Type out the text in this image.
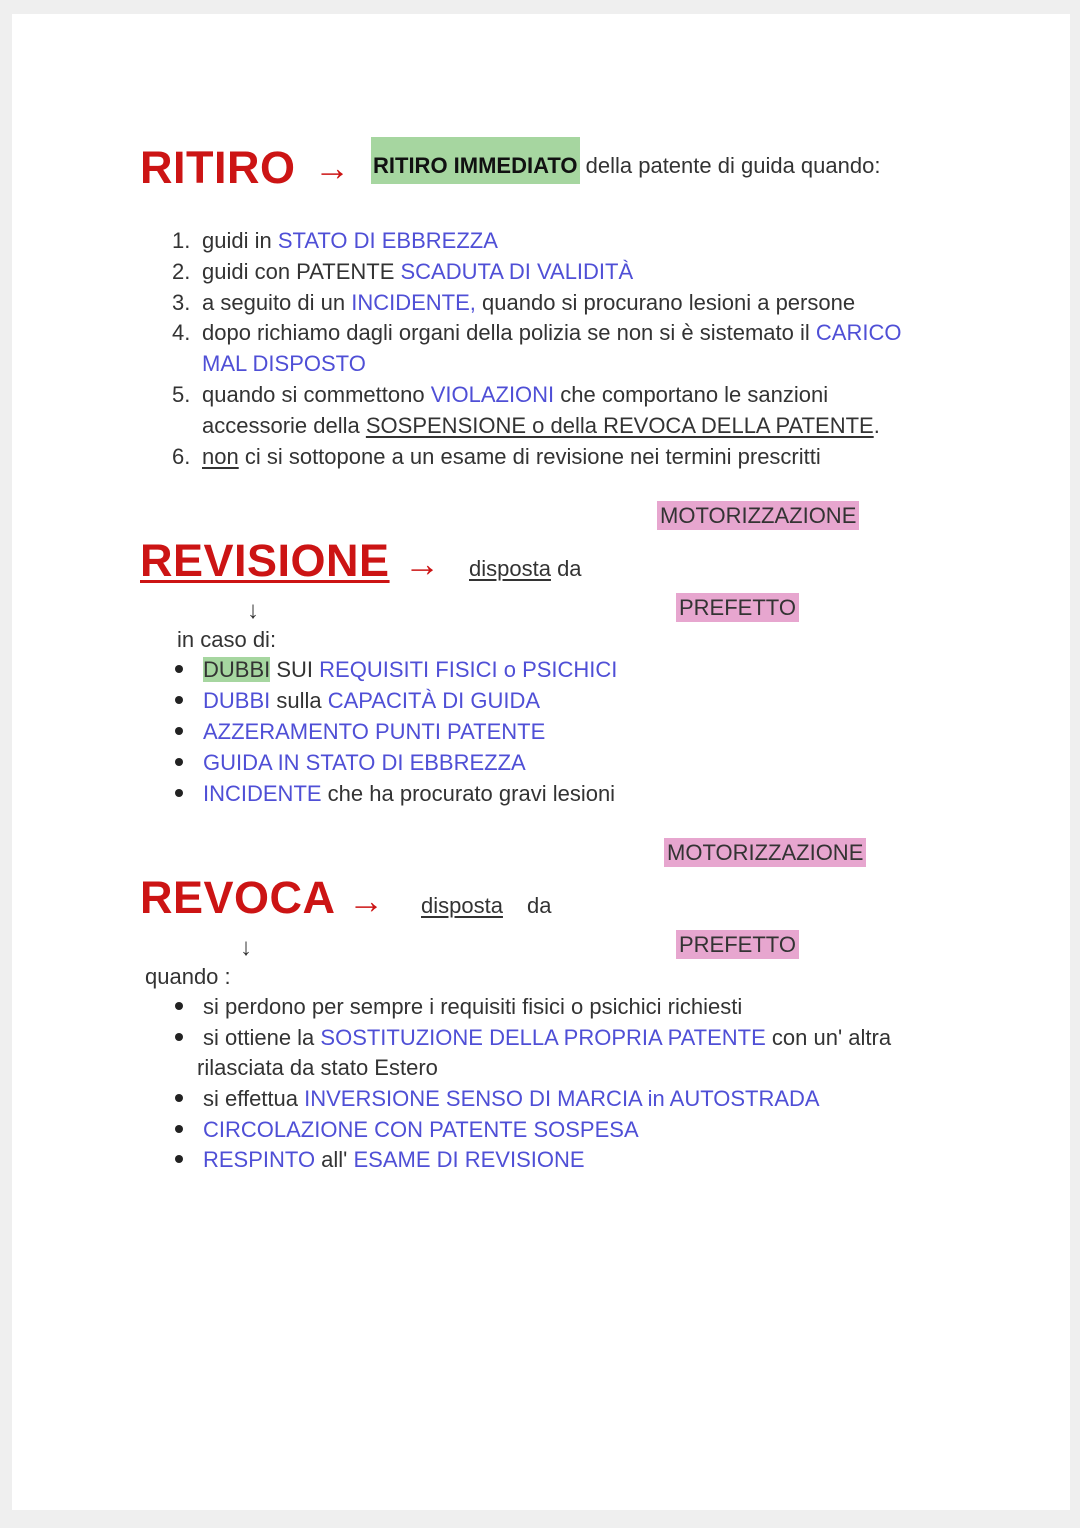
RITIRO → RITIRO IMMEDIATO della patente di guida quando:
1. guidi in STATO DI EBBREZZA
2. guidi con PATENTE SCADUTA DI VALIDITÀ
3. a seguito di un INCIDENTE, quando si procurano lesioni a persone
4. dopo richiamo dagli organi della polizia se non si è sistemato il CARICO
MAL DISPOSTO
5. quando si commettono VIOLAZIONI che comportano le sanzioni
accessorie della SOSPENSIONE o della REVOCA DELLA PATENTE.
6. non ci si sottopone a un esame di revisione nei termini prescritti
MOTORIZZAZIONE
REVISIONE → disposta da
↓	PREFETTO
in caso di:
DUBBI SUI REQUISITI FISICI o PSICHICI
DUBBI sulla CAPACITÀ DI GUIDA
AZZERAMENTO PUNTI PATENTE
GUIDA IN STATO DI EBBREZZA
INCIDENTE che ha procurato gravi lesioni
MOTORIZZAZIONE
REVOCA → disposta da
↓	PREFETTO
quando :
si perdono per sempre i requisiti fisici o psichici richiesti
si ottiene la SOSTITUZIONE DELLA PROPRIA PATENTE con un' altra
rilasciata da stato Estero
si effettua INVERSIONE SENSO DI MARCIA in AUTOSTRADA
CIRCOLAZIONE CON PATENTE SOSPESA
RESPINTO all' ESAME DI REVISIONE
